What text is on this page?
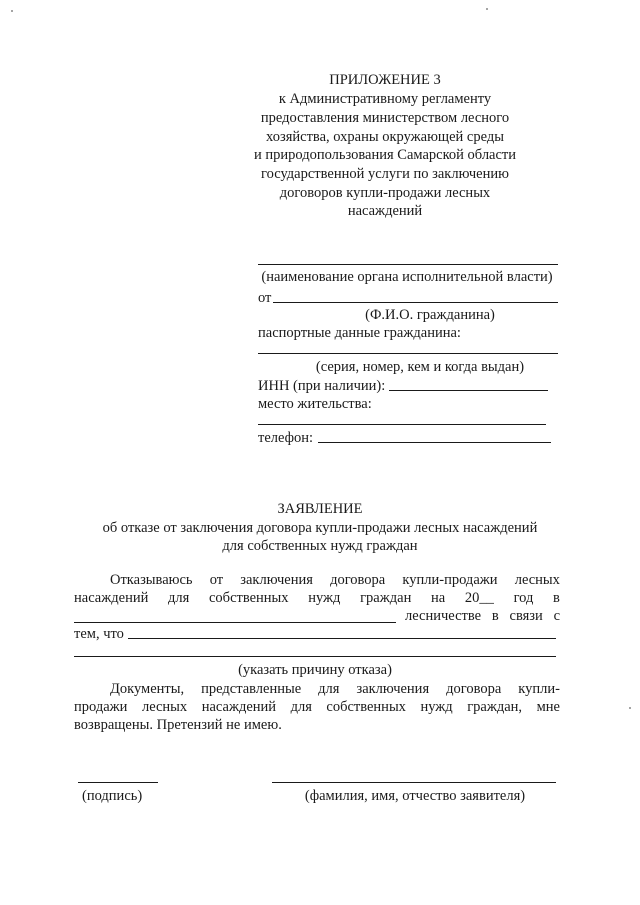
ПРИЛОЖЕНИЕ 3
к Административному регламенту
предоставления министерством лесного
хозяйства, охраны окружающей среды
и природопользования Самарской области
государственной услуги по заключению
договоров купли-продажи лесных
насаждений
(наименование органа исполнительной власти)
от
(Ф.И.О. гражданина)
паспортные данные гражданина:
(серия, номер, кем и когда выдан)
ИНН (при наличии):
место жительства:
телефон:
ЗАЯВЛЕНИЕ
об отказе от заключения договора купли-продажи лесных насаждений
для собственных нужд граждан
Отказываюсь от заключения договора купли-продажи лесных
насаждений для собственных нужд граждан на 20__ год в
лесничестве в связи с
тем, что
(указать причину отказа)
Документы, представленные для заключения договора купли-
продажи лесных насаждений для собственных нужд граждан, мне
возвращены. Претензий не имею.
(подпись)	(фамилия, имя, отчество заявителя)
